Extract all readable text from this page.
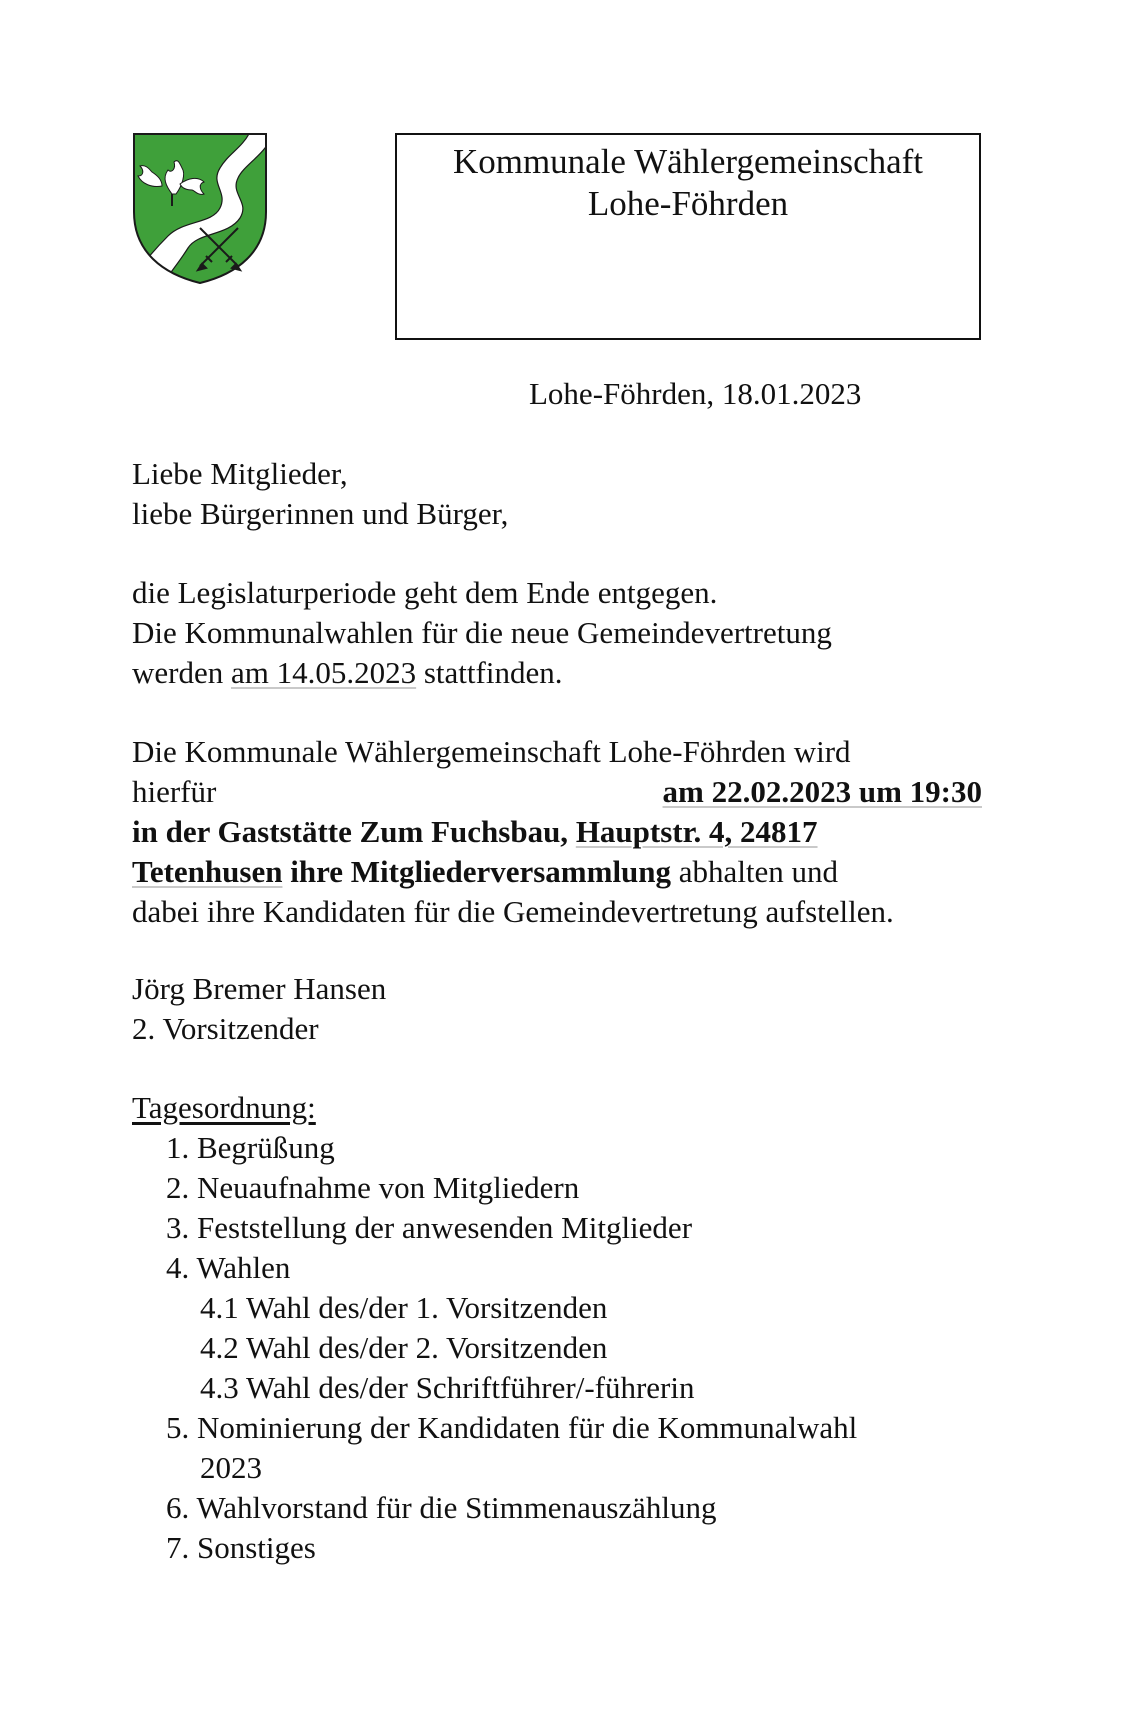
Kommunale Wählergemeinschaft
Lohe-Föhrden
Lohe-Föhrden, 18.01.2023
Liebe Mitglieder,
liebe Bürgerinnen und Bürger,
die Legislaturperiode geht dem Ende entgegen.
Die Kommunalwahlen für die neue Gemeindevertretung
werden am 14.05.2023 stattfinden.
Die Kommunale Wählergemeinschaft Lohe-Föhrden wird
hierfür	am 22.02.2023 um 19:30
in der Gaststätte Zum Fuchsbau, Hauptstr. 4, 24817
Tetenhusen ihre Mitgliederversammlung abhalten und
dabei ihre Kandidaten für die Gemeindevertretung aufstellen.
Jörg Bremer Hansen
2. Vorsitzender
Tagesordnung:
1. Begrüßung
2. Neuaufnahme von Mitgliedern
3. Feststellung der anwesenden Mitglieder
4. Wahlen
4.1 Wahl des/der 1. Vorsitzenden
4.2 Wahl des/der 2. Vorsitzenden
4.3 Wahl des/der Schriftführer/-führerin
5. Nominierung der Kandidaten für die Kommunalwahl
2023
6. Wahlvorstand für die Stimmenauszählung
7. Sonstiges
